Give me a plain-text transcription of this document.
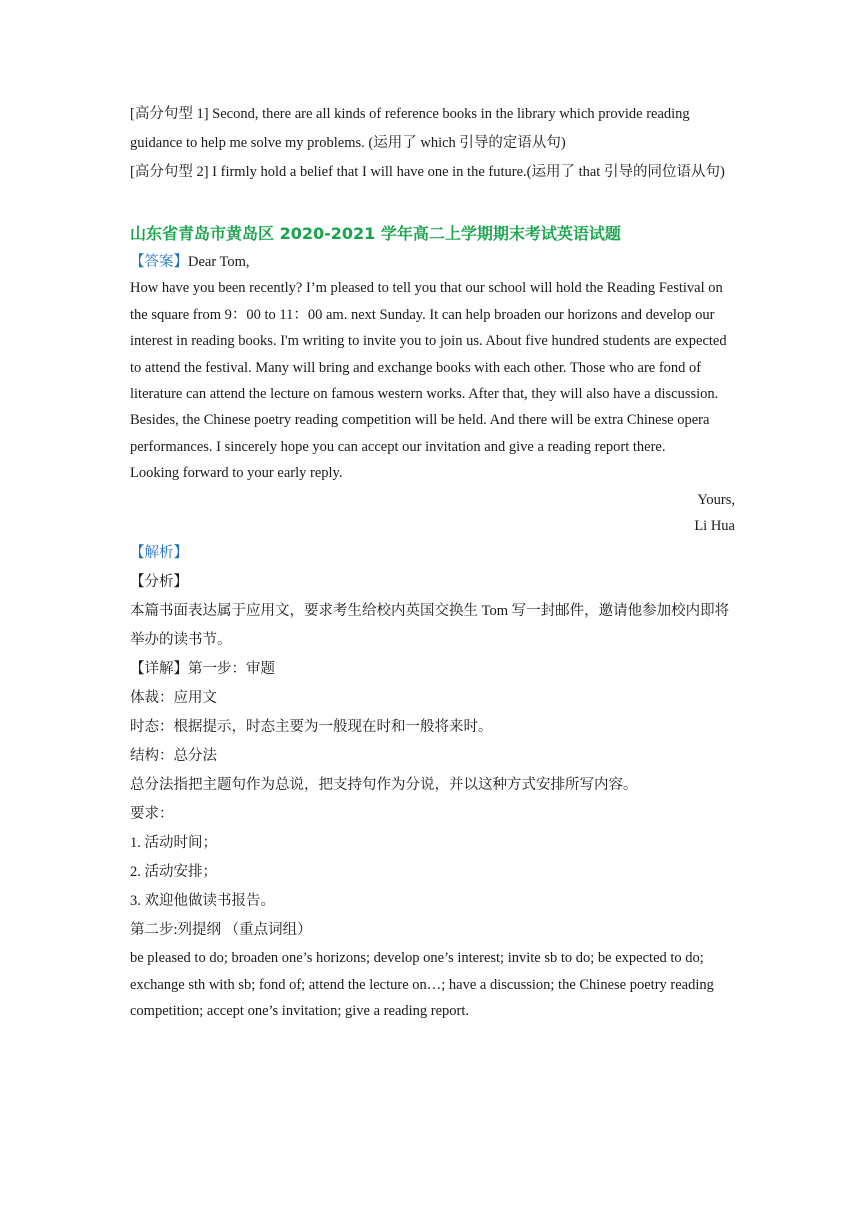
[高分句型 1] Second, there are all kinds of reference books in the library which provide reading guidance to help me solve my problems. (运用了 which 引导的定语从句)

[高分句型 2] I firmly hold a belief that I will have one in the future.(运用了 that 引导的同位语从句)

山东省青岛市黄岛区 2020-2021 学年高二上学期期末考试英语试题

【答案】Dear Tom,

How have you been recently? I’m pleased to tell you that our school will hold the Reading Festival on the square from 9：00 to 11：00 am. next Sunday. It can help broaden our horizons and develop our interest in reading books. I'm writing to invite you to join us. About five hundred students are expected to attend the festival. Many will bring and exchange books with each other. Those who are fond of literature can attend the lecture on famous western works. After that, they will also have a discussion. Besides, the Chinese poetry reading competition will be held. And there will be extra Chinese opera performances. I sincerely hope you can accept our invitation and give a reading report there.

Looking forward to your early reply.

Yours,

Li Hua

【解析】

【分析】

本篇书面表达属于应用文，要求考生给校内英国交换生 Tom 写一封邮件，邀请他参加校内即将举办的读书节。

【详解】第一步：审题

体裁：应用文

时态：根据提示，时态主要为一般现在时和一般将来时。

结构：总分法

总分法指把主题句作为总说，把支持句作为分说，并以这种方式安排所写内容。

要求：

1. 活动时间；

2. 活动安排；

3. 欢迎他做读书报告。

第二步:列提纲 （重点词组）

be pleased to do; broaden one’s horizons; develop one’s interest; invite sb to do; be expected to do; exchange sth with sb; fond of; attend the lecture on…; have a discussion; the Chinese poetry reading competition; accept one’s invitation; give a reading report.
